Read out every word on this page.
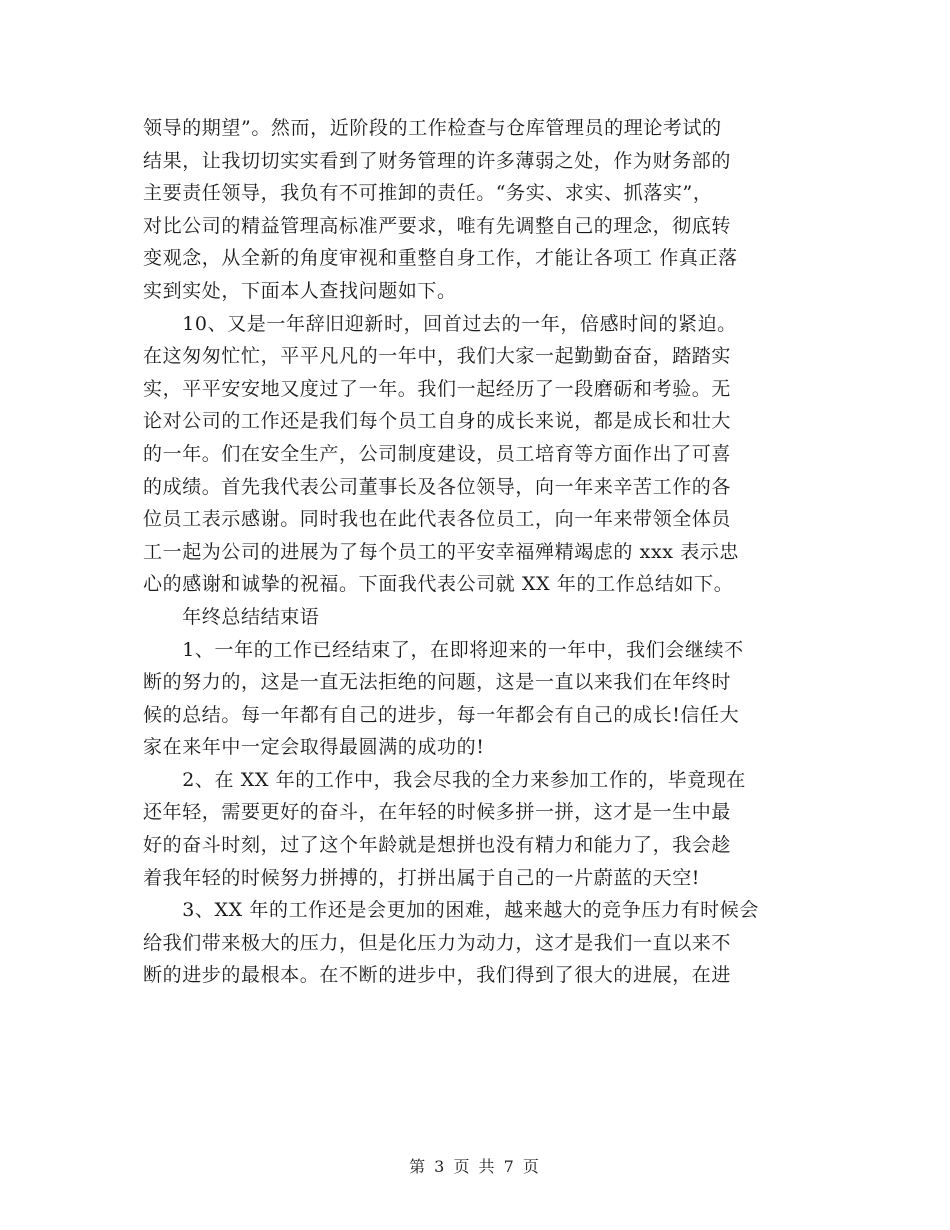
领导的期望”。然而，近阶段的工作检查与仓库管理员的理论考试的
结果，让我切切实实看到了财务管理的许多薄弱之处，作为财务部的
主要责任领导，我负有不可推卸的责任。“务实、求实、抓落实”，
对比公司的精益管理高标准严要求，唯有先调整自己的理念，彻底转
变观念，从全新的角度审视和重整自身工作，才能让各项工 作真正落
实到实处，下面本人查找问题如下。
　　10、又是一年辞旧迎新时，回首过去的一年，倍感时间的紧迫。
在这匆匆忙忙，平平凡凡的一年中，我们大家一起勤勤奋奋，踏踏实
实，平平安安地又度过了一年。我们一起经历了一段磨砺和考验。无
论对公司的工作还是我们每个员工自身的成长来说，都是成长和壮大
的一年。们在安全生产，公司制度建设，员工培育等方面作出了可喜
的成绩。首先我代表公司董事长及各位领导，向一年来辛苦工作的各
位员工表示感谢。同时我也在此代表各位员工，向一年来带领全体员
工一起为公司的进展为了每个员工的平安幸福殚精竭虑的 xxx 表示忠
心的感谢和诚挚的祝福。下面我代表公司就 XX 年的工作总结如下。
　　年终总结结束语
　　1、一年的工作已经结束了，在即将迎来的一年中，我们会继续不
断的努力的，这是一直无法拒绝的问题，这是一直以来我们在年终时
候的总结。每一年都有自己的进步，每一年都会有自己的成长!信任大
家在来年中一定会取得最圆满的成功的!
　　2、在 XX 年的工作中，我会尽我的全力来参加工作的，毕竟现在
还年轻，需要更好的奋斗，在年轻的时候多拼一拼，这才是一生中最
好的奋斗时刻，过了这个年龄就是想拼也没有精力和能力了，我会趁
着我年轻的时候努力拼搏的，打拼出属于自己的一片蔚蓝的天空!
　　3、XX 年的工作还是会更加的困难，越来越大的竞争压力有时候会
给我们带来极大的压力，但是化压力为动力，这才是我们一直以来不
断的进步的最根本。在不断的进步中，我们得到了很大的进展，在进
第 3 页 共 7 页
